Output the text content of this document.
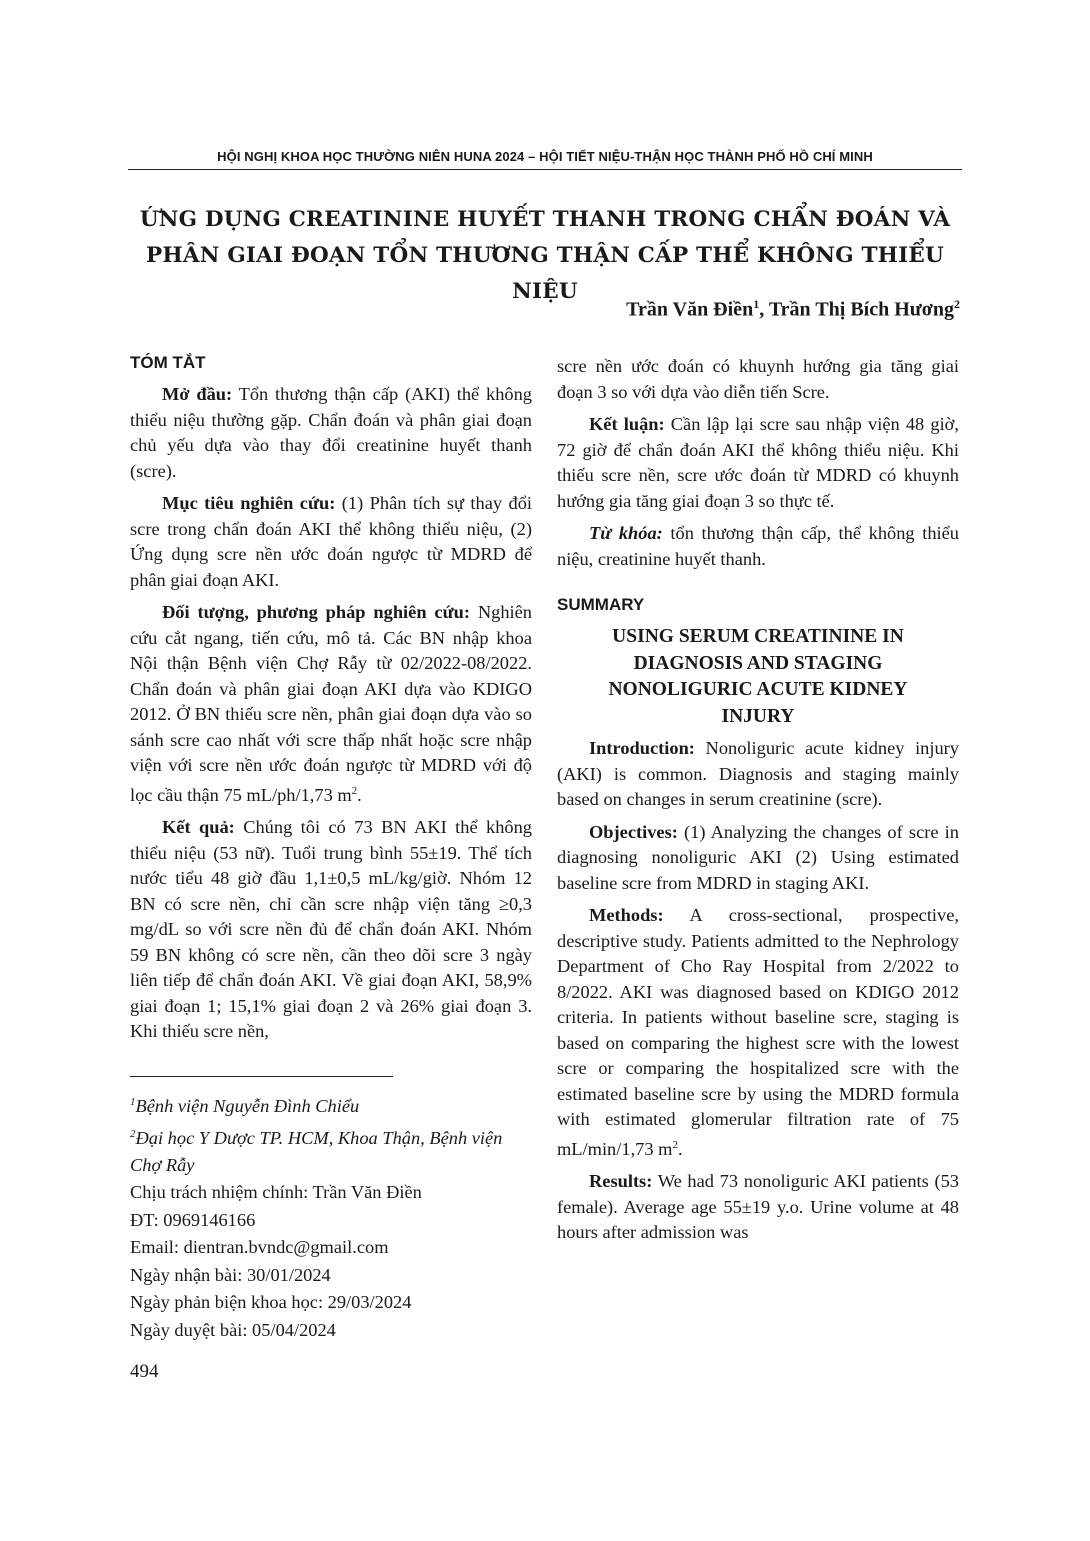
HỘI NGHỊ KHOA HỌC THƯỜNG NIÊN HUNA 2024 – HỘI TIẾT NIỆU-THẬN HỌC THÀNH PHỐ HỒ CHÍ MINH
ỨNG DỤNG CREATININE HUYẾT THANH TRONG CHẨN ĐOÁN VÀ
PHÂN GIAI ĐOẠN TỔN THƯƠNG THẬN CẤP THỂ KHÔNG THIỂU NIỆU
Trần Văn Điền$^1$, Trần Thị Bích Hương$^2$
TÓM TẮT

Mở đầu: Tổn thương thận cấp (AKI) thể không thiểu niệu thường gặp. Chẩn đoán và phân giai đoạn chủ yếu dựa vào thay đổi creatinine huyết thanh (scre).

Mục tiêu nghiên cứu: (1) Phân tích sự thay đổi scre trong chẩn đoán AKI thể không thiểu niệu, (2) Ứng dụng scre nền ước đoán ngược từ MDRD để phân giai đoạn AKI.

Đối tượng, phương pháp nghiên cứu: Nghiên cứu cắt ngang, tiến cứu, mô tả. Các BN nhập khoa Nội thận Bệnh viện Chợ Rẫy từ 02/2022-08/2022. Chẩn đoán và phân giai đoạn AKI dựa vào KDIGO 2012. Ở BN thiếu scre nền, phân giai đoạn dựa vào so sánh scre cao nhất với scre thấp nhất hoặc scre nhập viện với scre nền ước đoán ngược từ MDRD với độ lọc cầu thận 75 mL/ph/1,73 $m^2$.

Kết quả: Chúng tôi có 73 BN AKI thể không thiểu niệu (53 nữ). Tuổi trung bình 55±19. Thể tích nước tiểu 48 giờ đầu 1,1±0,5 mL/kg/giờ. Nhóm 12 BN có scre nền, chỉ cần scre nhập viện tăng ≥0,3 mg/dL so với scre nền đủ để chẩn đoán AKI. Nhóm 59 BN không có scre nền, cần theo dõi scre 3 ngày liên tiếp để chẩn đoán AKI. Về giai đoạn AKI, 58,9% giai đoạn 1; 15,1% giai đoạn 2 và 26% giai đoạn 3. Khi thiếu scre nền,

$^1$Bệnh viện Nguyễn Đình Chiểu
$^2$Đại học Y Dược TP. HCM, Khoa Thận, Bệnh viện Chợ Rẫy
Chịu trách nhiệm chính: Trần Văn Điền
ĐT: 0969146166
Email: dientran.bvndc@gmail.com
Ngày nhận bài: 30/01/2024
Ngày phản biện khoa học: 29/03/2024
Ngày duyệt bài: 05/04/2024

scre nền ước đoán có khuynh hướng gia tăng giai đoạn 3 so với dựa vào diễn tiến Scre.

Kết luận: Cần lập lại scre sau nhập viện 48 giờ, 72 giờ để chẩn đoán AKI thể không thiểu niệu. Khi thiếu scre nền, scre ước đoán từ MDRD có khuynh hướng gia tăng giai đoạn 3 so thực tế.

Từ khóa: tổn thương thận cấp, thể không thiểu niệu, creatinine huyết thanh.

SUMMARY
USING SERUM CREATININE IN
DIAGNOSIS AND STAGING
NONOLIGURIC ACUTE KIDNEY
INJURY

Introduction: Nonoliguric acute kidney injury (AKI) is common. Diagnosis and staging mainly based on changes in serum creatinine (scre).

Objectives: (1) Analyzing the changes of scre in diagnosing nonoliguric AKI (2) Using estimated baseline scre from MDRD in staging AKI.

Methods: A cross-sectional, prospective, descriptive study. Patients admitted to the Nephrology Department of Cho Ray Hospital from 2/2022 to 8/2022. AKI was diagnosed based on KDIGO 2012 criteria. In patients without baseline scre, staging is based on comparing the highest scre with the lowest scre or comparing the hospitalized scre with the estimated baseline scre by using the MDRD formula with estimated glomerular filtration rate of 75 mL/min/1,73 $m^2$.

Results: We had 73 nonoliguric AKI patients (53 female). Average age 55±19 y.o. Urine volume at 48 hours after admission was

494
